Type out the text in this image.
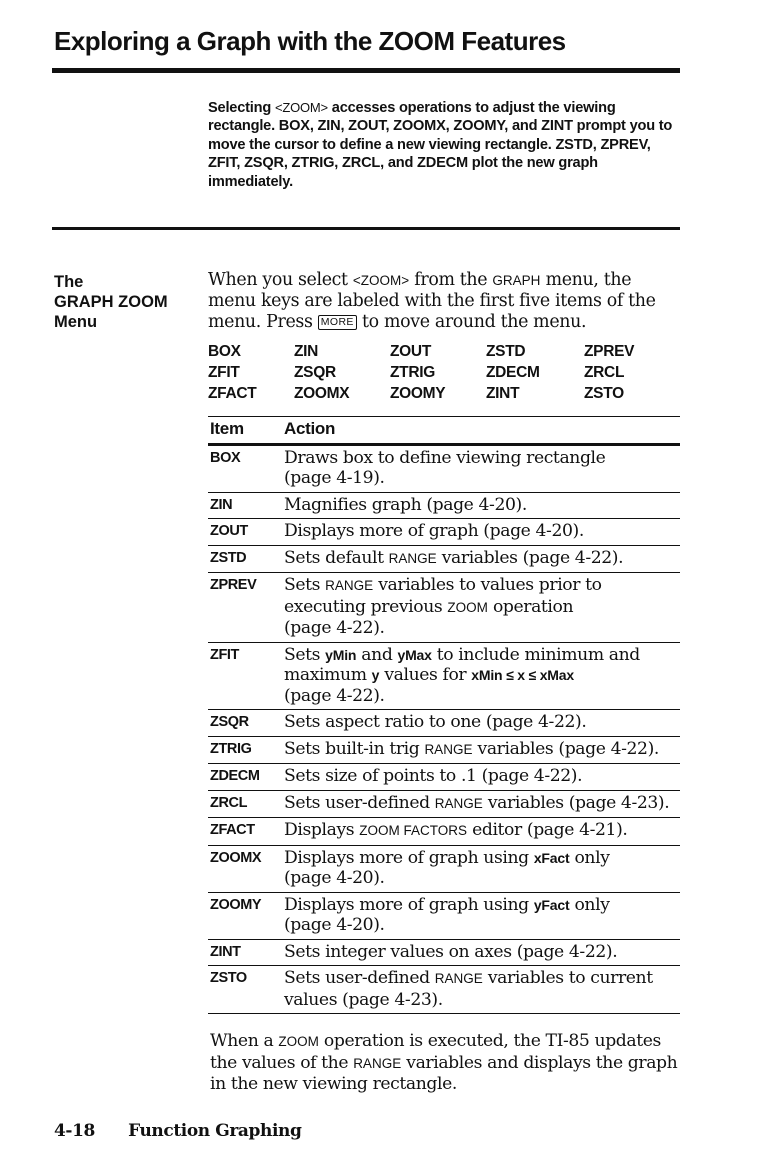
Exploring a Graph with the ZOOM Features
Selecting <ZOOM> accesses operations to adjust the viewing rectangle. BOX, ZIN, ZOUT, ZOOMX, ZOOMY, and ZINT prompt you to move the cursor to define a new viewing rectangle. ZSTD, ZPREV, ZFIT, ZSQR, ZTRIG, ZRCL, and ZDECM plot the new graph immediately.
The
GRAPH ZOOM
Menu
When you select <ZOOM> from the GRAPH menu, the menu keys are labeled with the first five items of the menu. Press MORE to move around the menu.
BOX	ZIN	ZOUT	ZSTD	ZPREV
ZFIT	ZSQR	ZTRIG	ZDECM	ZRCL
ZFACT	ZOOMX	ZOOMY	ZINT	ZSTO
Item	Action
BOX	Draws box to define viewing rectangle
(page 4-19).
ZIN	Magnifies graph (page 4-20).
ZOUT	Displays more of graph (page 4-20).
ZSTD	Sets default RANGE variables (page 4-22).
ZPREV	Sets RANGE variables to values prior to
executing previous ZOOM operation
(page 4-22).
ZFIT	Sets yMin and yMax to include minimum and
maximum y values for xMin ≤ x ≤ xMax
(page 4-22).
ZSQR	Sets aspect ratio to one (page 4-22).
ZTRIG	Sets built-in trig RANGE variables (page 4-22).
ZDECM	Sets size of points to .1 (page 4-22).
ZRCL	Sets user-defined RANGE variables (page 4-23).
ZFACT	Displays ZOOM FACTORS editor (page 4-21).
ZOOMX	Displays more of graph using xFact only
(page 4-20).
ZOOMY	Displays more of graph using yFact only
(page 4-20).
ZINT	Sets integer values on axes (page 4-22).
ZSTO	Sets user-defined RANGE variables to current
values (page 4-23).
When a ZOOM operation is executed, the TI-85 updates the values of the RANGE variables and displays the graph in the new viewing rectangle.
4-18 Function Graphing
